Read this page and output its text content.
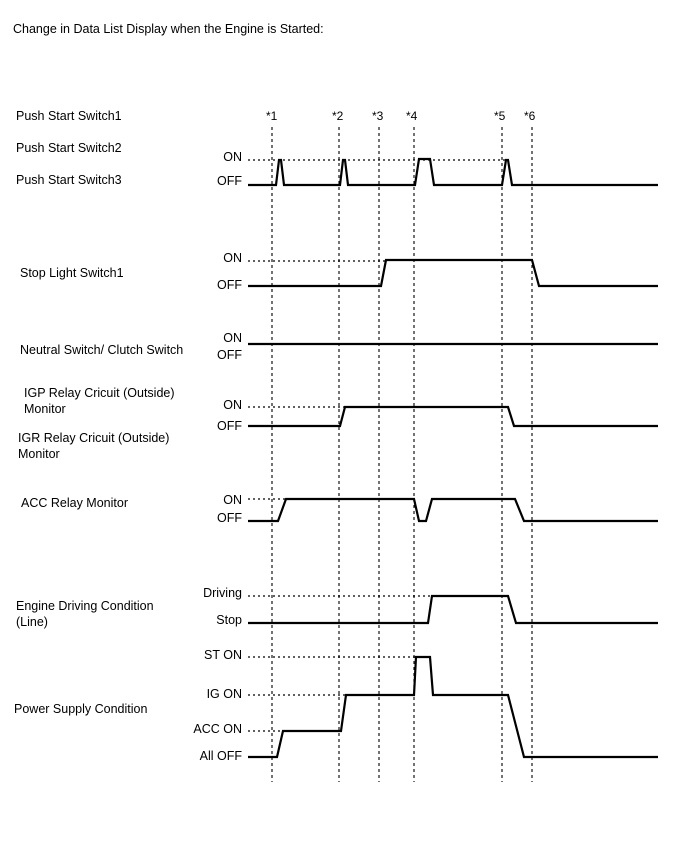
Change in Data List Display when the Engine is Started:
*1	*2 *3 *4	*5 *6
Push Start Switch1
Push Start Switch2
Push Start Switch3
ON
OFF
Stop Light Switch1
ON
OFF
Neutral Switch/ Clutch Switch
ON
OFF
IGP Relay Cricuit (Outside)
Monitor
IGR Relay Cricuit (Outside)
Monitor
ON
OFF
ACC Relay Monitor	ON
OFF
Engine Driving Condition
(Line)
Driving
Stop
Power Supply Condition
ST ON
IG ON
ACC ON
All OFF
